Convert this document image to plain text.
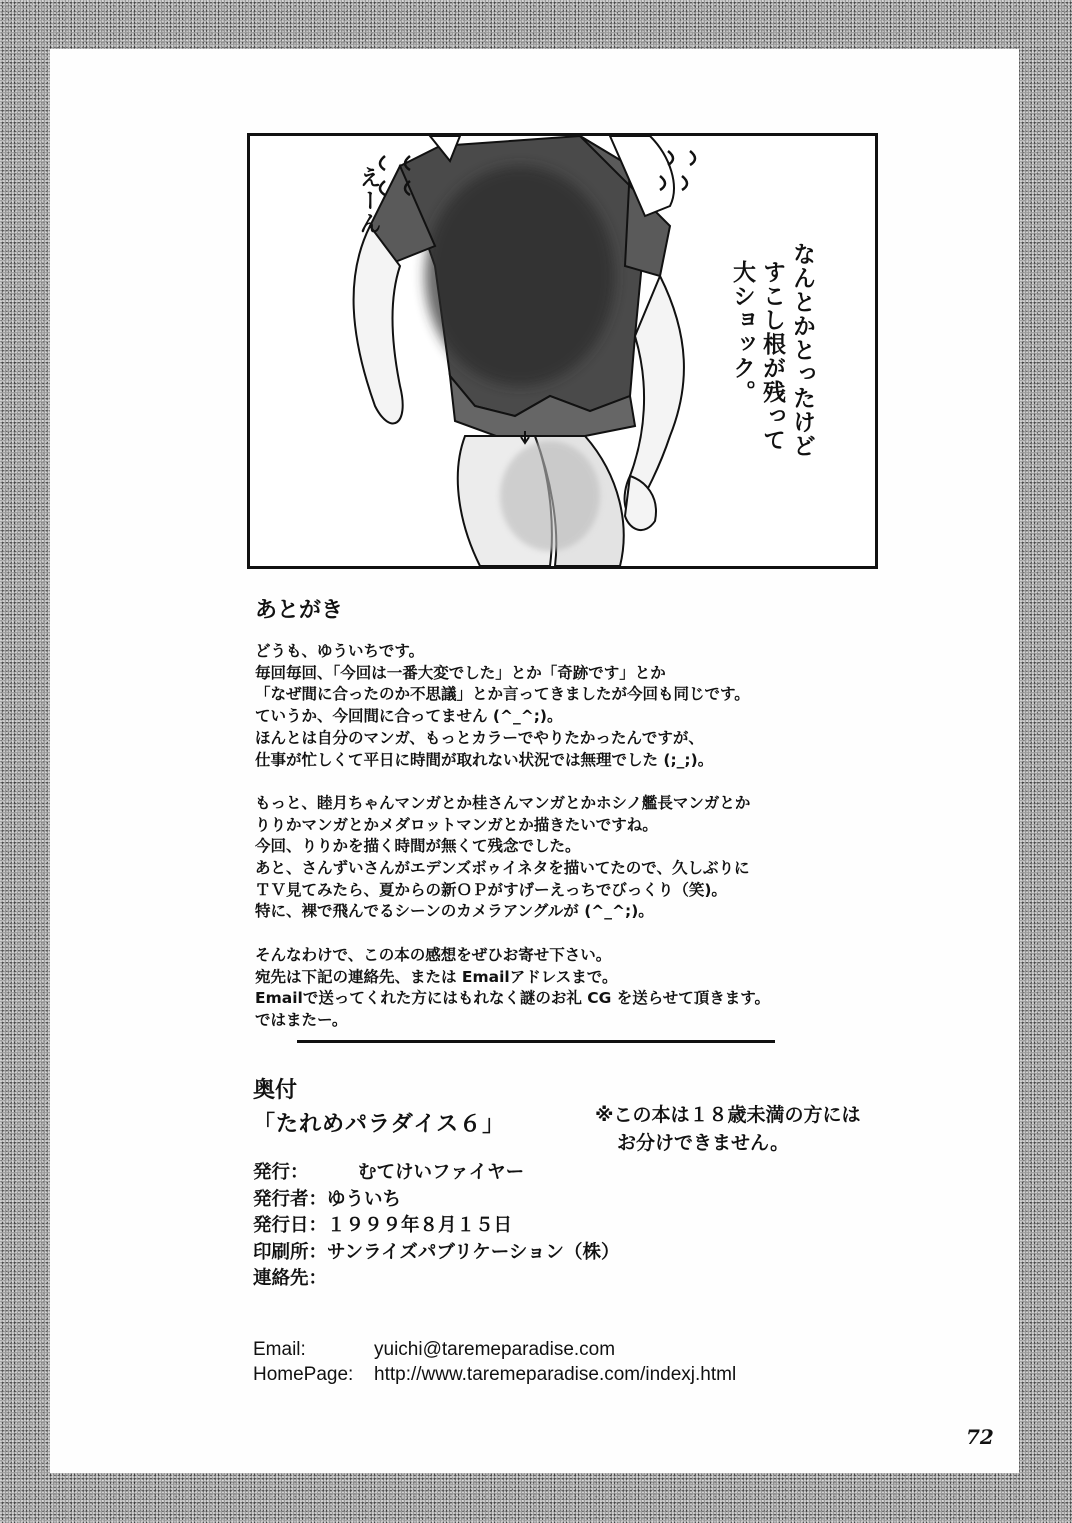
えーん
なんとかとったけど
すこし根が残って
大ショック。
あとがき
どうも、ゆういちです。
毎回毎回、「今回は一番大変でした」とか「奇跡です」とか
「なぜ間に合ったのか不思議」とか言ってきましたが今回も同じです。
ていうか、今回間に合ってません (^_^;)。
ほんとは自分のマンガ、もっとカラーでやりたかったんですが、
仕事が忙しくて平日に時間が取れない状況では無理でした (;_;)。
もっと、睦月ちゃんマンガとか桂さんマンガとかホシノ艦長マンガとか
りりかマンガとかメダロットマンガとか描きたいですね。
今回、りりかを描く時間が無くて残念でした。
あと、さんずいさんがエデンズボゥイネタを描いてたので、久しぶりに
ＴＶ見てみたら、夏からの新ＯＰがすげーえっちでびっくり（笑)。
特に、裸で飛んでるシーンのカメラアングルが (^_^;)。
そんなわけで、この本の感想をぜひお寄せ下さい。
宛先は下記の連絡先、または Emailアドレスまで。
Emailで送ってくれた方にはもれなく謎のお礼 CG を送らせて頂きます。
ではまたー。
奥付
「たれめパラダイス６」	※この本は１８歳未満の方には
お分けできません。
発行：	むてけいファイヤー
発行者： ゆういち
発行日： １９９９年８月１５日
印刷所： サンライズパブリケーション（株）
連絡先：
Email:	yuichi@taremeparadise.com
HomePage: http://www.taremeparadise.com/indexj.html
72
